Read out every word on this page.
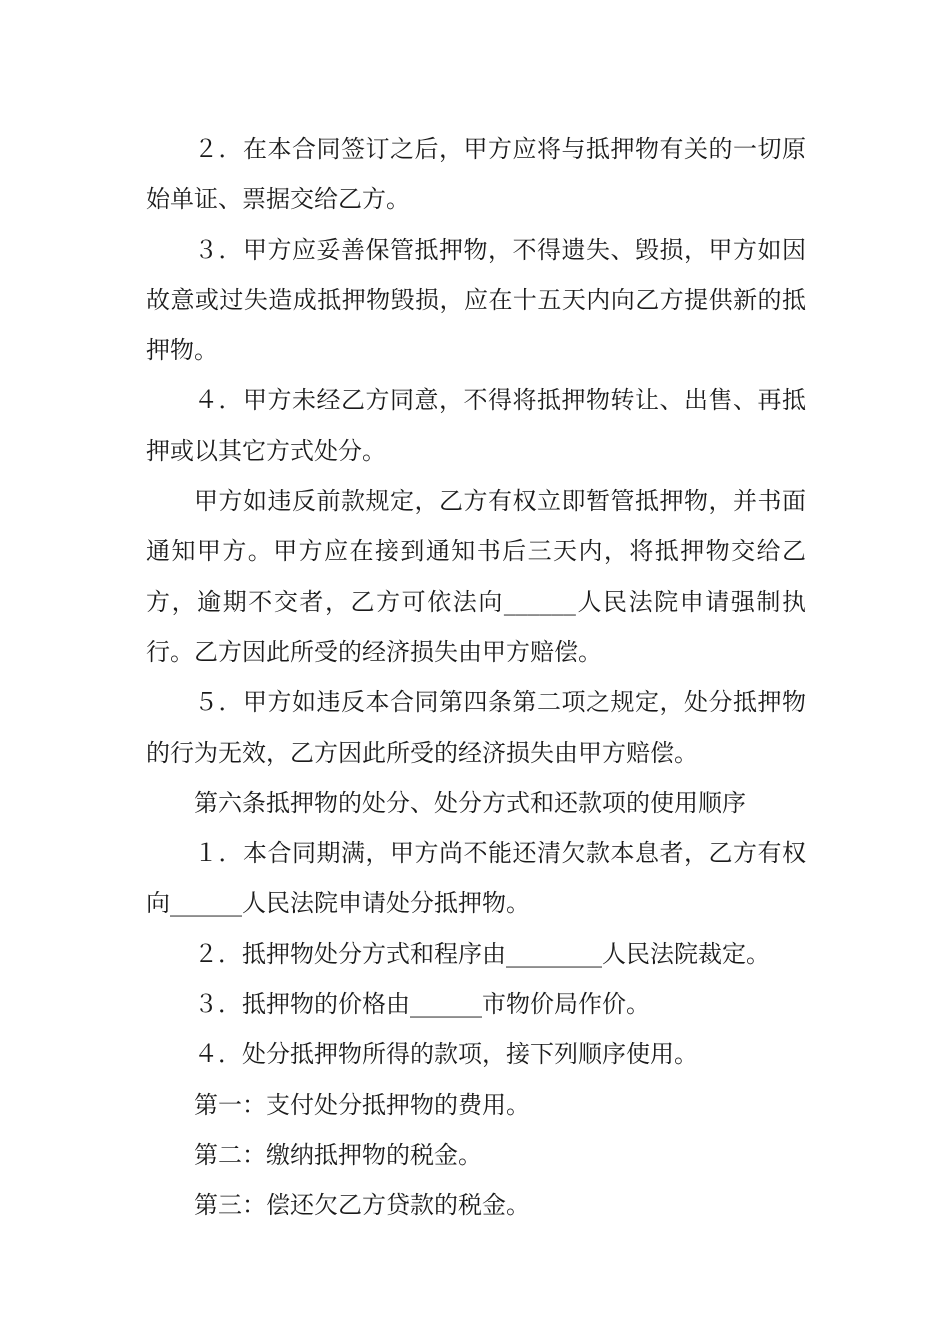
２．在本合同签订之后，甲方应将与抵押物有关的一切原始单证、票据交给乙方。

３．甲方应妥善保管抵押物，不得遗失、毁损，甲方如因故意或过失造成抵押物毁损，应在十五天内向乙方提供新的抵押物。

４．甲方未经乙方同意，不得将抵押物转让、出售、再抵押或以其它方式处分。

甲方如违反前款规定，乙方有权立即暂管抵押物，并书面通知甲方。甲方应在接到通知书后三天内，将抵押物交给乙方，逾期不交者，乙方可依法向______人民法院申请强制执行。乙方因此所受的经济损失由甲方赔偿。

５．甲方如违反本合同第四条第二项之规定，处分抵押物的行为无效，乙方因此所受的经济损失由甲方赔偿。

第六条抵押物的处分、处分方式和还款项的使用顺序

１．本合同期满，甲方尚不能还清欠款本息者，乙方有权向______人民法院申请处分抵押物。

２．抵押物处分方式和程序由________人民法院裁定。

３．抵押物的价格由______市物价局作价。

４．处分抵押物所得的款项，接下列顺序使用。

第一：支付处分抵押物的费用。

第二：缴纳抵押物的税金。

第三：偿还欠乙方贷款的税金。
